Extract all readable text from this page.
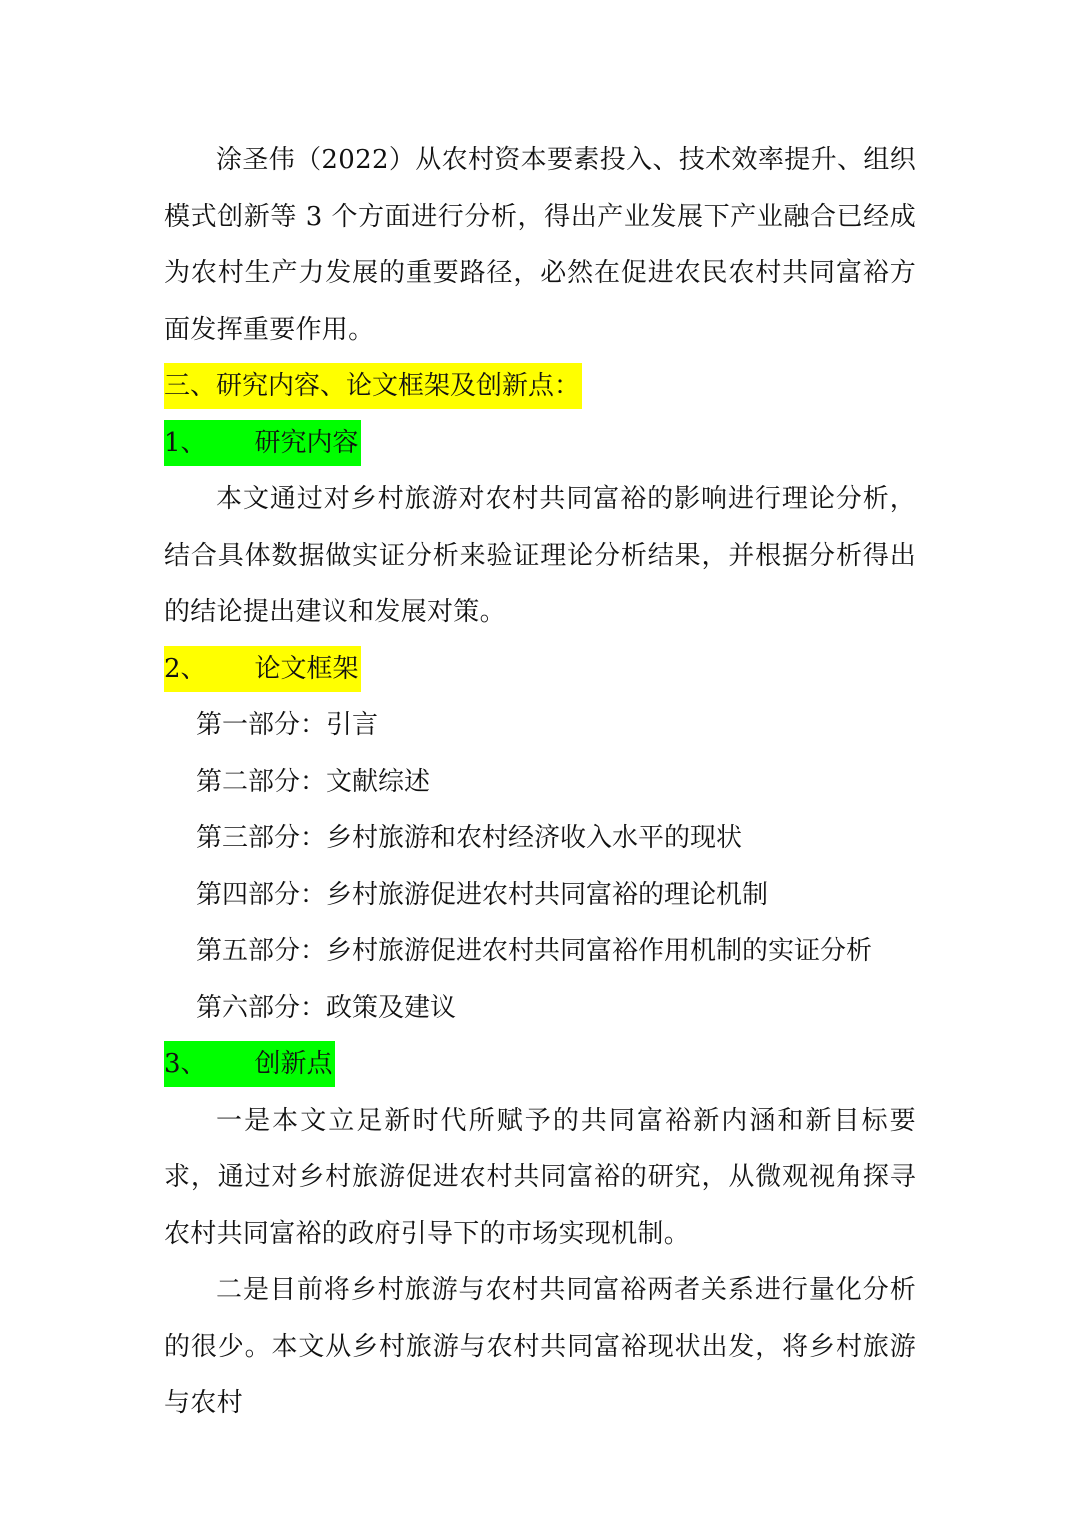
涂圣伟（2022）从农村资本要素投入、技术效率提升、组织模式创新等 3 个方面进行分析，得出产业发展下产业融合已经成为农村生产力发展的重要路径，必然在促进农民农村共同富裕方面发挥重要作用。

三、研究内容、论文框架及创新点：
1、 研究内容

本文通过对乡村旅游对农村共同富裕的影响进行理论分析，结合具体数据做实证分析来验证理论分析结果，并根据分析得出的结论提出建议和发展对策。

2、 论文框架

第一部分：引言

第二部分：文献综述

第三部分：乡村旅游和农村经济收入水平的现状

第四部分：乡村旅游促进农村共同富裕的理论机制

第五部分：乡村旅游促进农村共同富裕作用机制的实证分析

第六部分：政策及建议

3、 创新点

一是本文立足新时代所赋予的共同富裕新内涵和新目标要求，通过对乡村旅游促进农村共同富裕的研究，从微观视角探寻农村共同富裕的政府引导下的市场实现机制。

二是目前将乡村旅游与农村共同富裕两者关系进行量化分析的很少。本文从乡村旅游与农村共同富裕现状出发，将乡村旅游与农村
